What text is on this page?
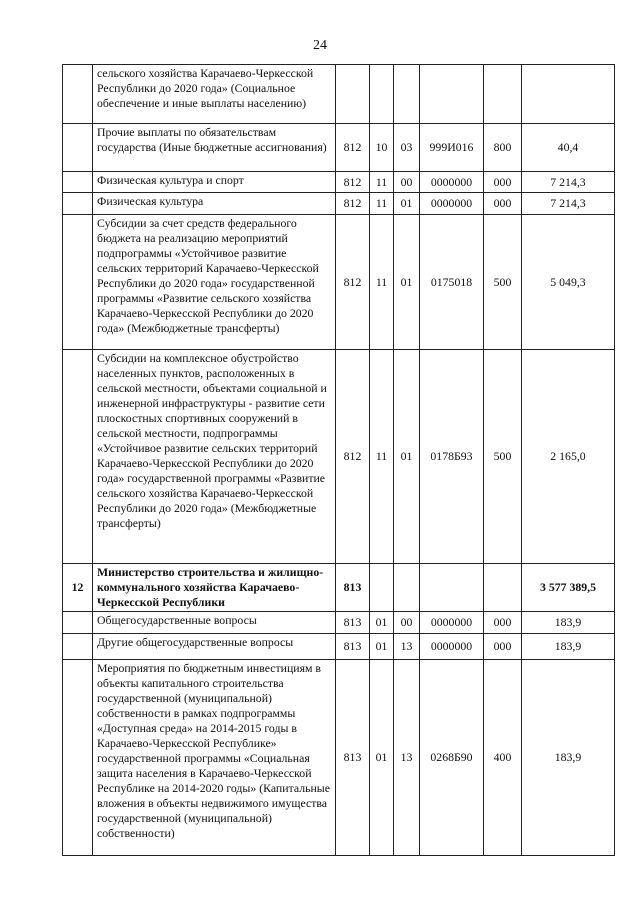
24
	сельского хозяйства Карачаево-Черкесской Республики до 2020 года» (Социальное обеспечение и иные выплаты населению)						
	Прочие выплаты по обязательствам государства (Иные бюджетные ассигнования)	812	10	03	999И016	800	40,4
	Физическая культура и спорт	812	11	00	0000000	000	7 214,3
	Физическая культура	812	11	01	0000000	000	7 214,3
	Субсидии за счет средств федерального бюджета на реализацию мероприятий подпрограммы «Устойчивое развитие сельских территорий Карачаево-Черкесской Республики до 2020 года» государственной программы «Развитие сельского хозяйства Карачаево-Черкесской Республики до 2020 года» (Межбюджетные трансферты)	812	11	01	0175018	500	5 049,3
	Субсидии на комплексное обустройство населенных пунктов, расположенных в сельской местности, объектами социальной и инженерной инфраструктуры - развитие сети плоскостных спортивных сооружений в сельской местности, подпрограммы «Устойчивое развитие сельских территорий Карачаево-Черкесской Республики до 2020 года» государственной программы «Развитие сельского хозяйства Карачаево-Черкесской Республики до 2020 года» (Межбюджетные трансферты)	812	11	01	0178Б93	500	2 165,0
12	Министерство строительства и жилищно-коммунального хозяйства Карачаево-Черкесской Республики	813					3 577 389,5
	Общегосударственные вопросы	813	01	00	0000000	000	183,9
	Другие общегосударственные вопросы	813	01	13	0000000	000	183,9
	Мероприятия по бюджетным инвестициям в объекты капитального строительства государственной (муниципальной) собственности в рамках подпрограммы «Доступная среда» на 2014-2015 годы в Карачаево-Черкесской Республике» государственной программы «Социальная защита населения в Карачаево-Черкесской Республике на 2014-2020 годы» (Капитальные вложения в объекты недвижимого имущества государственной (муниципальной) собственности)	813	01	13	0268Б90	400	183,9
